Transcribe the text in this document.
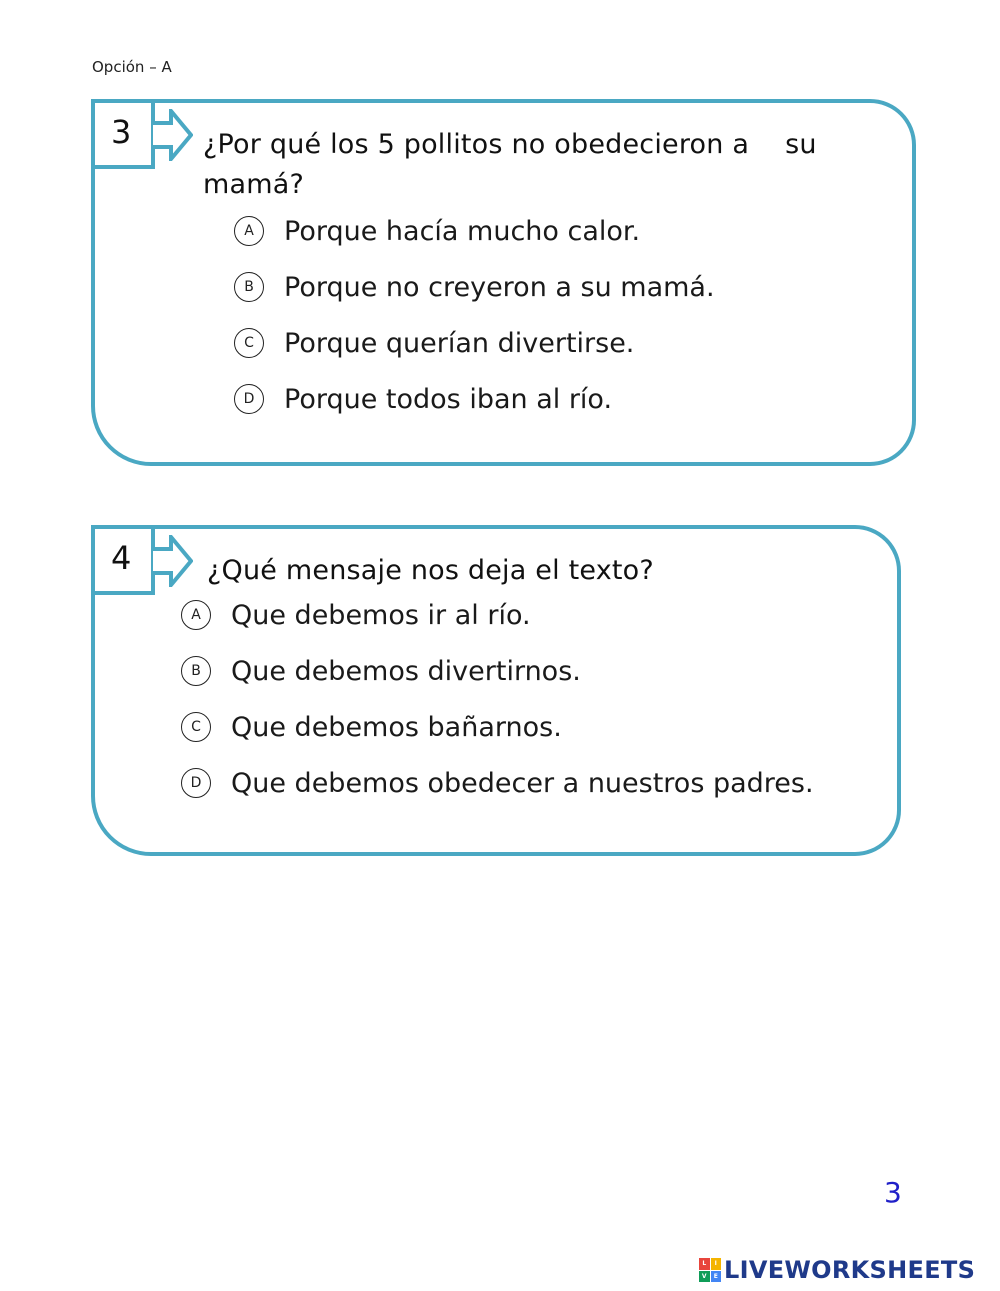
Opción – A
3	¿Por qué los 5 pollitos no obedecieron a su
mamá?
A	Porque hacía mucho calor.
B	Porque no creyeron a su mamá.
C	Porque querían divertirse.
D	Porque todos iban al río.
4	¿Qué mensaje nos deja el texto?
A	Que debemos ir al río.
B	Que debemos divertirnos.
C	Que debemos bañarnos.
D	Que debemos obedecer a nuestros padres.
3
L	I
V	E LIVEWORKSHEETS
